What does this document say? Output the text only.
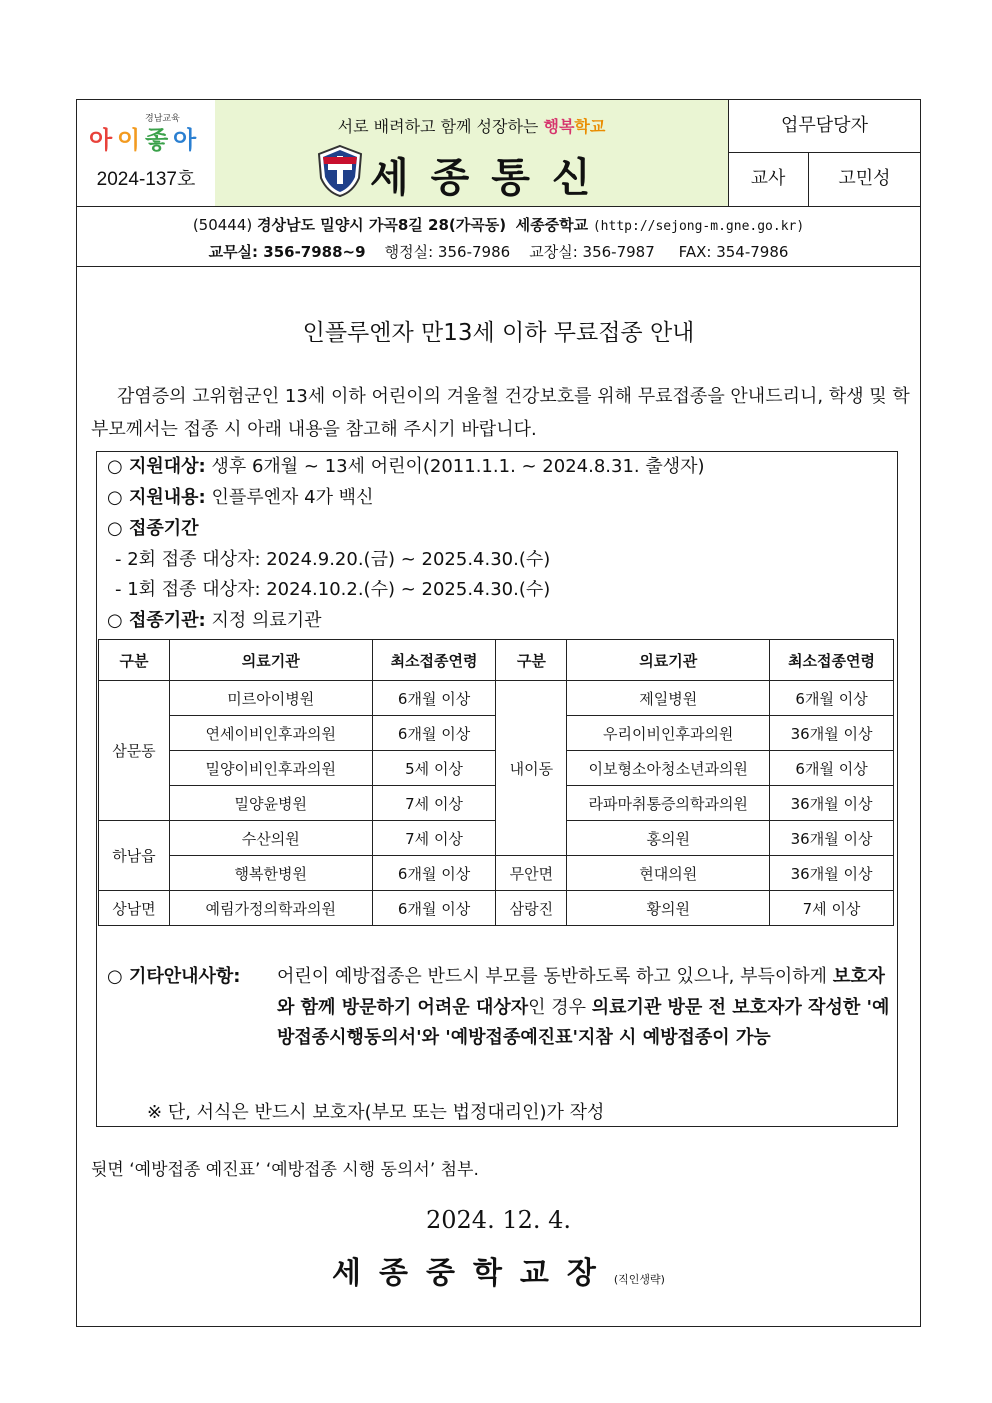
경남교육
아 이 좋 아
2024-137호
서로 배려하고 함께 성장하는 행복학교
세종통신
업무담당자
교사	고민성
(50444) 경상남도 밀양시 가곡8길 28(가곡동) 세종중학교 (http://sejong-m.gne.go.kr)
교무실: 356-7988~9 행정실: 356-7986 교장실: 356-7987 FAX: 354-7986
인플루엔자 만13세 이하 무료접종 안내
감염증의 고위험군인 13세 이하 어린이의 겨울철 건강보호를 위해 무료접종을 안내드리니, 학생 및 학부모께서는 접종 시 아래 내용을 참고해 주시기 바랍니다.
○ 지원대상: 생후 6개월 ~ 13세 어린이(2011.1.1. ~ 2024.8.31. 출생자)
○ 지원내용: 인플루엔자 4가 백신
○ 접종기간
- 2회 접종 대상자: 2024.9.20.(금) ~ 2025.4.30.(수)
- 1회 접종 대상자: 2024.10.2.(수) ~ 2025.4.30.(수)
○ 접종기관: 지정 의료기관
구분	의료기관	최소접종연령	구분	의료기관	최소접종연령
삼문동	미르아이병원	6개월 이상	내이동	제일병원	6개월 이상
	연세이비인후과의원	6개월 이상		우리이비인후과의원	36개월 이상
	밀양이비인후과의원	5세 이상		이보형소아청소년과의원	6개월 이상
	밀양윤병원	7세 이상		라파마취통증의학과의원	36개월 이상
하남읍	수산의원	7세 이상		홍의원	36개월 이상
	행복한병원	6개월 이상	무안면	현대의원	36개월 이상
상남면	예림가정의학과의원	6개월 이상	삼랑진	황의원	7세 이상
○ 기타안내사항: 어린이 예방접종은 반드시 부모를 동반하도록 하고 있으나, 부득이하게 보호자와 함께 방문하기 어려운 대상자인 경우 의료기관 방문 전 보호자가 작성한 '예방접종시행동의서'와 '예방접종예진표'지참 시 예방접종이 가능
※ 단, 서식은 반드시 보호자(부모 또는 법정대리인)가 작성
뒷면 ‘예방접종 예진표’ ‘예방접종 시행 동의서’ 첨부.
2024. 12. 4.
세종중학교장(직인생략)
